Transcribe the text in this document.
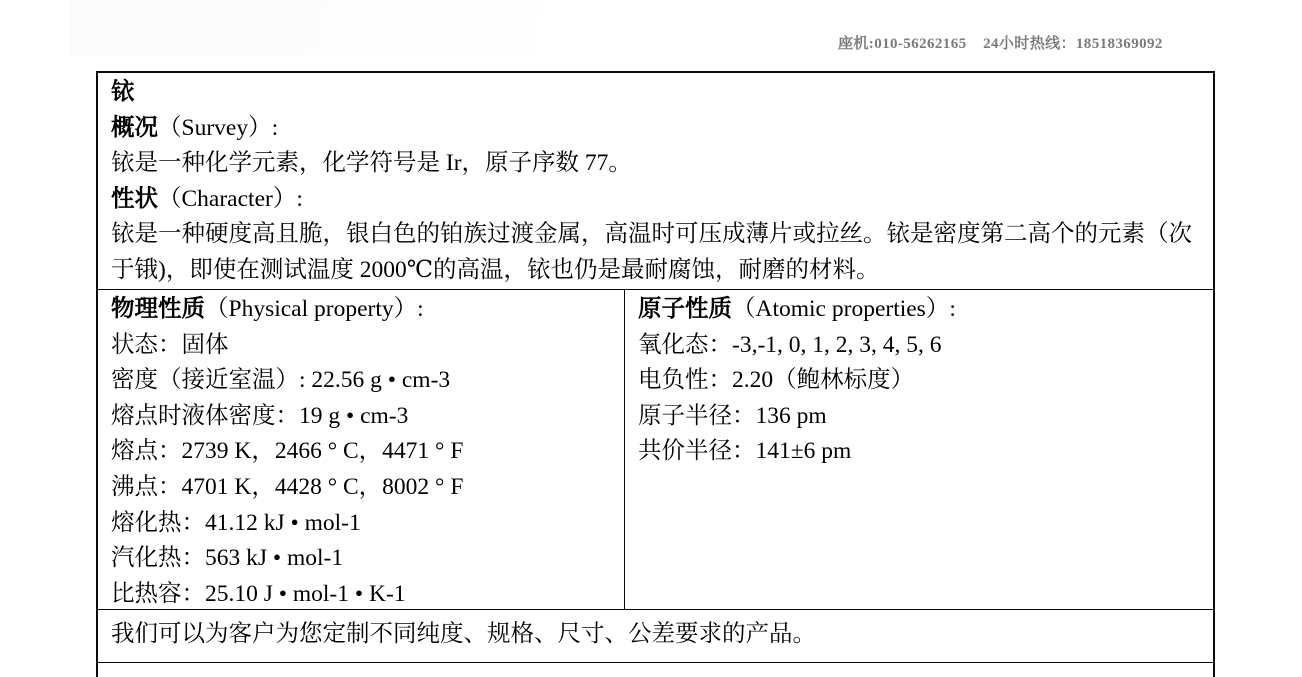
座机:010-56262165    24小时热线：18518369092
铱
概况（Survey）:
铱是一种化学元素，化学符号是 Ir，原子序数 77。
性状（Character）:
铱是一种硬度高且脆，银白色的铂族过渡金属，高温时可压成薄片或拉丝。铱是密度第二高个的元素（次于锇)，即使在测试温度 2000℃的高温，铱也仍是最耐腐蚀，耐磨的材料。
物理性质（Physical property）:
状态：固体
密度（接近室温）: 22.56 g • cm-3
熔点时液体密度：19 g • cm-3
熔点：2739 K，2466 ° C，4471 ° F
沸点：4701 K，4428 ° C，8002 ° F
熔化热：41.12 kJ • mol-1
汽化热：563 kJ • mol-1
比热容：25.10 J • mol-1 • K-1
原子性质（Atomic properties）:
氧化态：-3,-1, 0, 1, 2, 3, 4, 5, 6
电负性：2.20（鲍林标度）
原子半径：136 pm
共价半径：141±6 pm
我们可以为客户为您定制不同纯度、规格、尺寸、公差要求的产品。
